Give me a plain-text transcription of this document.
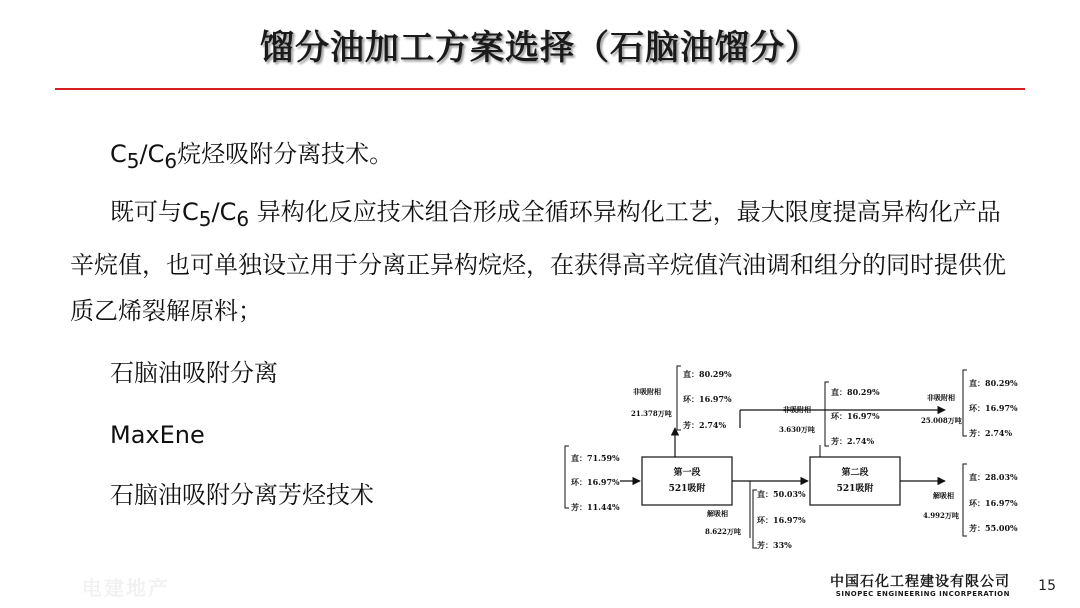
馏分油加工方案选择（石脑油馏分）
$C_5/C_6$烷烃吸附分离技术。
既可与$C_5/C_6$ 异构化反应技术组合形成全循环异构化工艺，最大限度提高异构化产品辛烷值，也可单独设立用于分离正异构烷烃，在获得高辛烷值汽油调和组分的同时提供优质乙烯裂解原料；
石脑油吸附分离
MaxEne
石脑油吸附分离芳烃技术
直：71.59%
环：16.97%
芳：11.44%
第一段
521吸附
非吸附相
21.378万吨
直：80.29%
环：16.97%
芳：2.74%
解吸相
8.622万吨
直：50.03%
环：16.97%
芳：33%
第二段
521吸附
非吸附相
3.630万吨
直：80.29%
环：16.97%
芳：2.74%
非吸附相
25.008万吨
直：80.29%
环：16.97%
芳：2.74%
解吸相
4.992万吨
直：28.03%
环：16.97%
芳：55.00%
电建地产	中国石化工程建设有限公司
SINOPEC ENGINEERING INCORPERATION 15
